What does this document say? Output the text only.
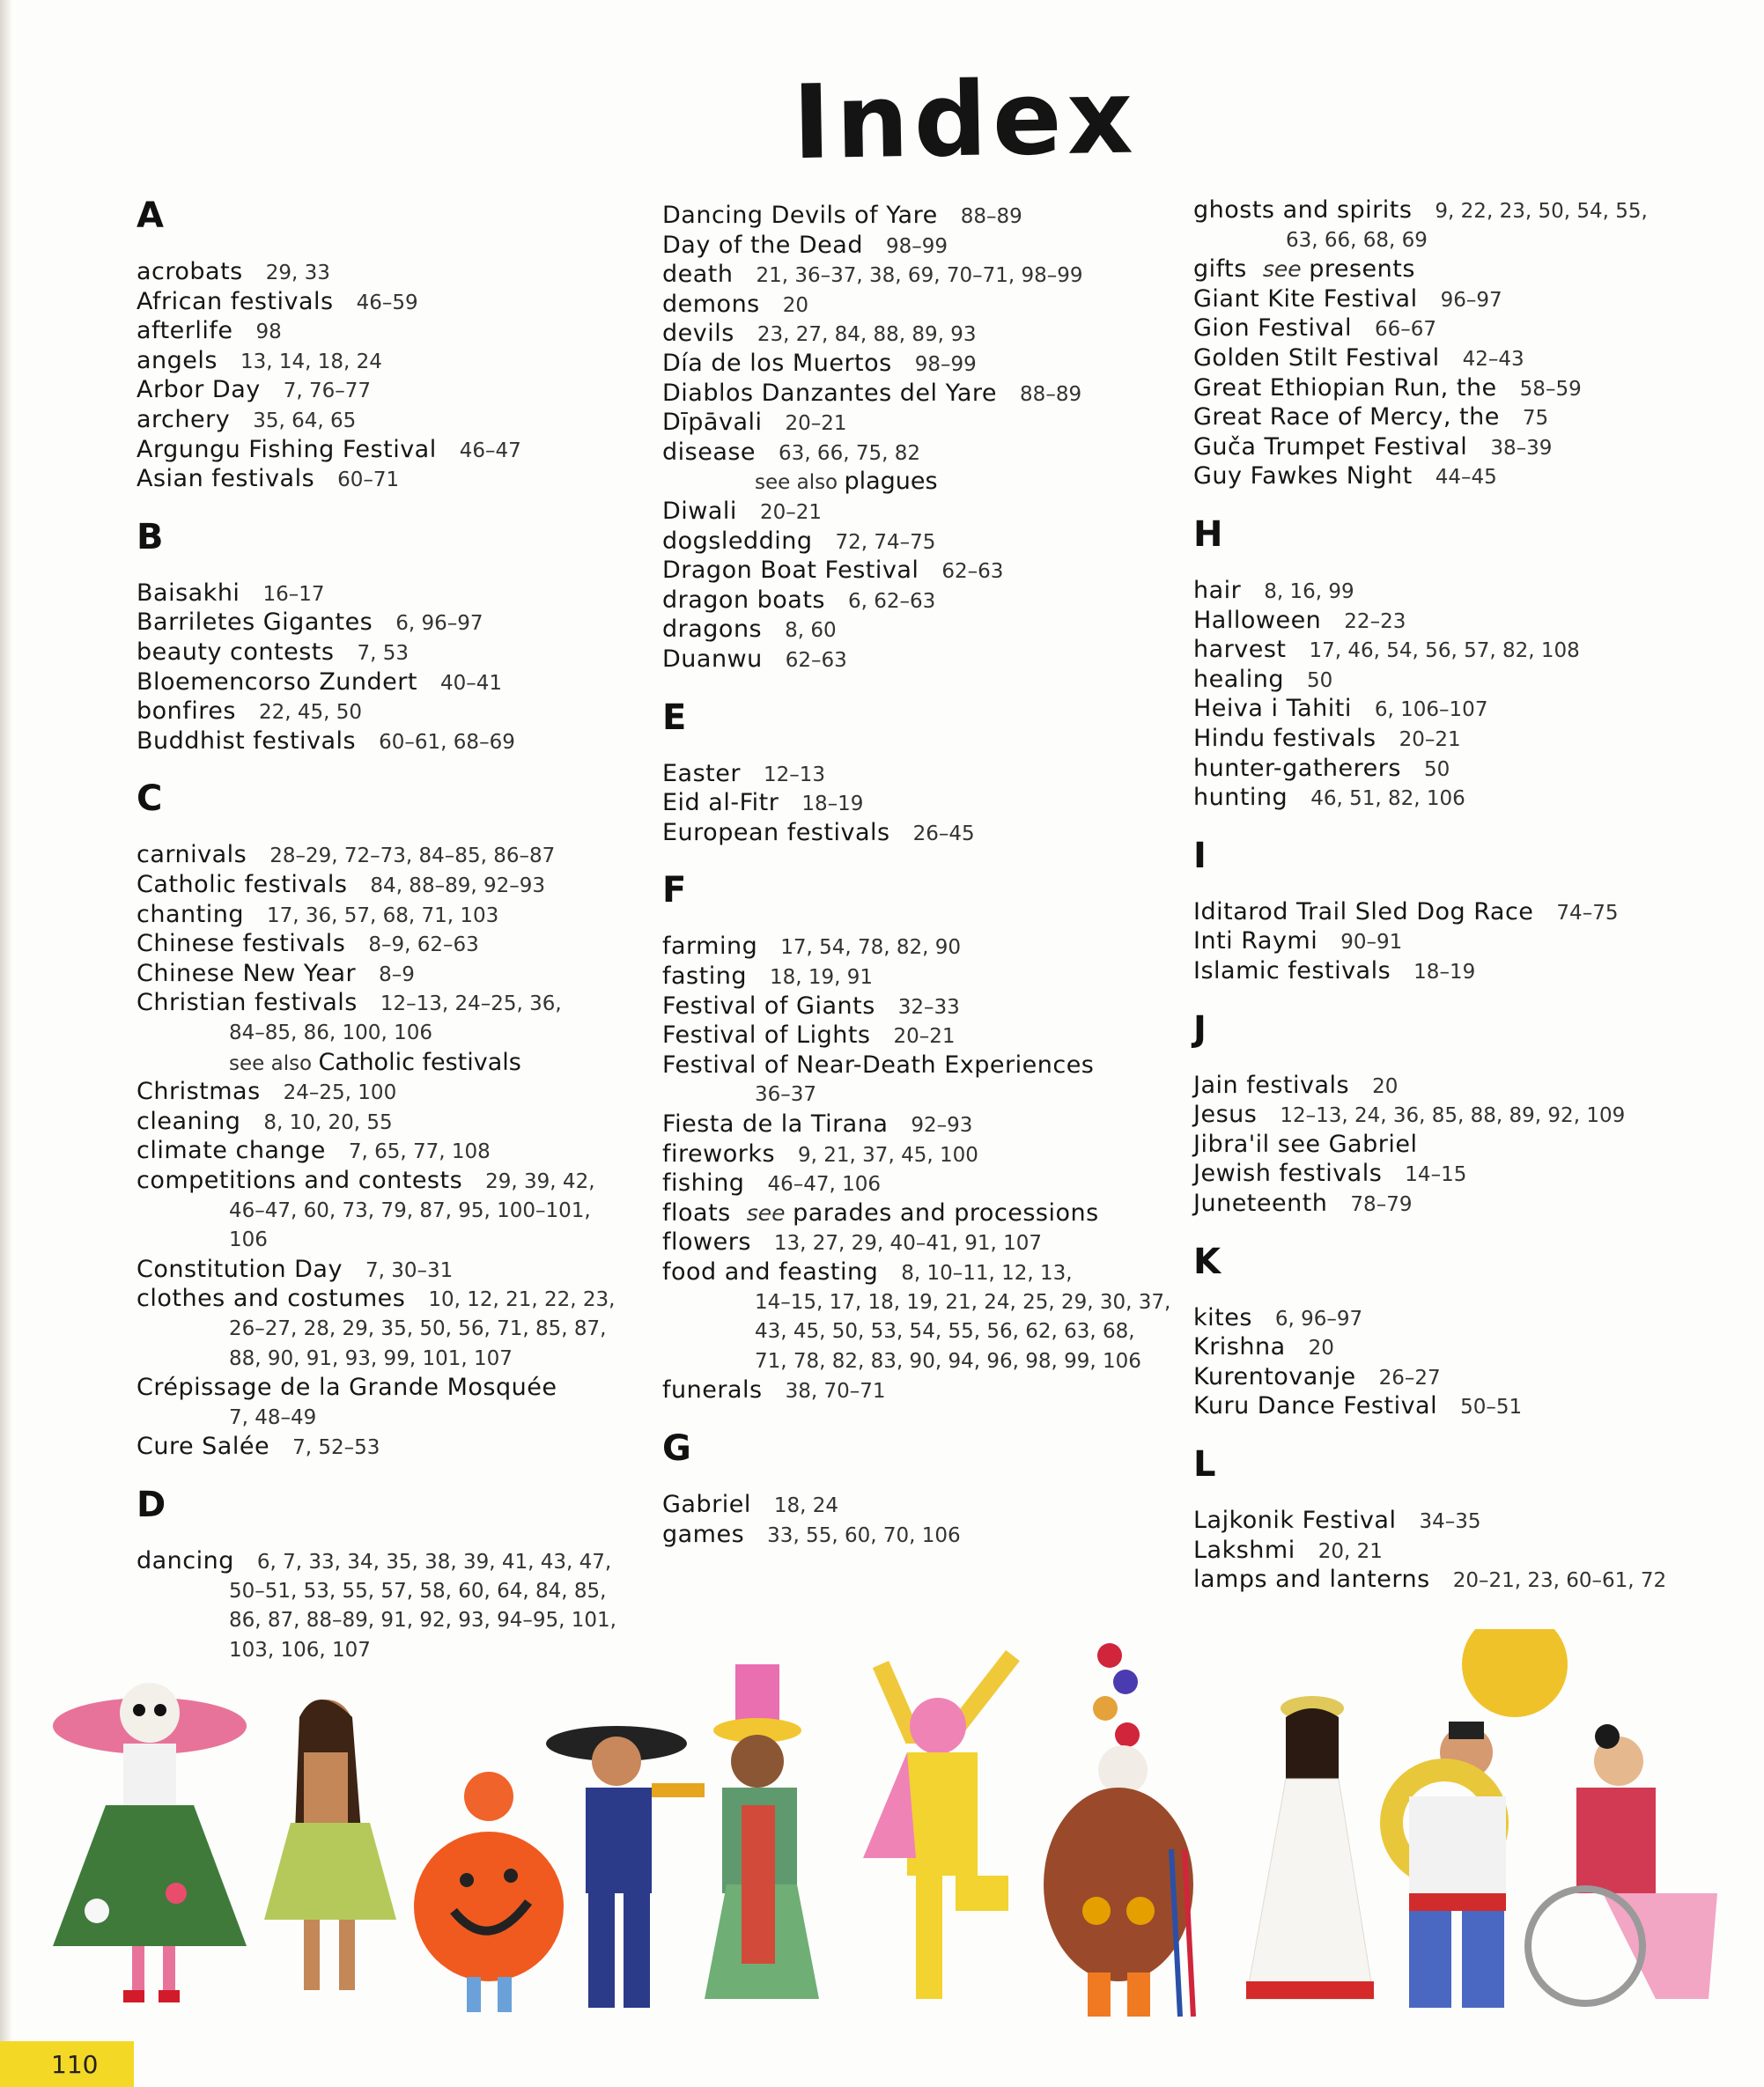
Index
A
acrobats 29, 33
African festivals 46–59
afterlife 98
angels 13, 14, 18, 24
Arbor Day 7, 76–77
archery 35, 64, 65
Argungu Fishing Festival 46–47
Asian festivals 60–71
B
Baisakhi 16–17
Barriletes Gigantes 6, 96–97
beauty contests 7, 53
Bloemencorso Zundert 40–41
bonfires 22, 45, 50
Buddhist festivals 60–61, 68–69
C
carnivals 28–29, 72–73, 84–85, 86–87
Catholic festivals 84, 88–89, 92–93
chanting 17, 36, 57, 68, 71, 103
Chinese festivals 8–9, 62–63
Chinese New Year 8–9
Christian festivals 12–13, 24–25, 36,
84–85, 86, 100, 106
see also Catholic festivals
Christmas 24–25, 100
cleaning 8, 10, 20, 55
climate change 7, 65, 77, 108
competitions and contests 29, 39, 42,
46–47, 60, 73, 79, 87, 95, 100–101,
106
Constitution Day 7, 30–31
clothes and costumes 10, 12, 21, 22, 23,
26–27, 28, 29, 35, 50, 56, 71, 85, 87,
88, 90, 91, 93, 99, 101, 107
Crépissage de la Grande Mosquée
7, 48–49
Cure Salée 7, 52–53
D
dancing 6, 7, 33, 34, 35, 38, 39, 41, 43, 47,
50–51, 53, 55, 57, 58, 60, 64, 84, 85,
86, 87, 88–89, 91, 92, 93, 94–95, 101,
103, 106, 107
Dancing Devils of Yare 88–89
Day of the Dead 98–99
death 21, 36–37, 38, 69, 70–71, 98–99
demons 20
devils 23, 27, 84, 88, 89, 93
Día de los Muertos 98–99
Diablos Danzantes del Yare 88–89
Dīpāvali 20–21
disease 63, 66, 75, 82
see also plagues
Diwali 20–21
dogsledding 72, 74–75
Dragon Boat Festival 62–63
dragon boats 6, 62–63
dragons 8, 60
Duanwu 62–63
E
Easter 12–13
Eid al-Fitr 18–19
European festivals 26–45
F
farming 17, 54, 78, 82, 90
fasting 18, 19, 91
Festival of Giants 32–33
Festival of Lights 20–21
Festival of Near-Death Experiences
36–37
Fiesta de la Tirana 92–93
fireworks 9, 21, 37, 45, 100
fishing 46–47, 106
floats see parades and processions
flowers 13, 27, 29, 40–41, 91, 107
food and feasting 8, 10–11, 12, 13,
14–15, 17, 18, 19, 21, 24, 25, 29, 30, 37,
43, 45, 50, 53, 54, 55, 56, 62, 63, 68,
71, 78, 82, 83, 90, 94, 96, 98, 99, 106
funerals 38, 70–71
G
Gabriel 18, 24
games 33, 55, 60, 70, 106
ghosts and spirits 9, 22, 23, 50, 54, 55,
63, 66, 68, 69
gifts see presents
Giant Kite Festival 96–97
Gion Festival 66–67
Golden Stilt Festival 42–43
Great Ethiopian Run, the 58–59
Great Race of Mercy, the 75
Guča Trumpet Festival 38–39
Guy Fawkes Night 44–45
H
hair 8, 16, 99
Halloween 22–23
harvest 17, 46, 54, 56, 57, 82, 108
healing 50
Heiva i Tahiti 6, 106–107
Hindu festivals 20–21
hunter-gatherers 50
hunting 46, 51, 82, 106
I
Iditarod Trail Sled Dog Race 74–75
Inti Raymi 90–91
Islamic festivals 18–19
J
Jain festivals 20
Jesus 12–13, 24, 36, 85, 88, 89, 92, 109
Jibra'il see Gabriel
Jewish festivals 14–15
Juneteenth 78–79
K
kites 6, 96–97
Krishna 20
Kurentovanje 26–27
Kuru Dance Festival 50–51
L
Lajkonik Festival 34–35
Lakshmi 20, 21
lamps and lanterns 20–21, 23, 60–61, 72
110
